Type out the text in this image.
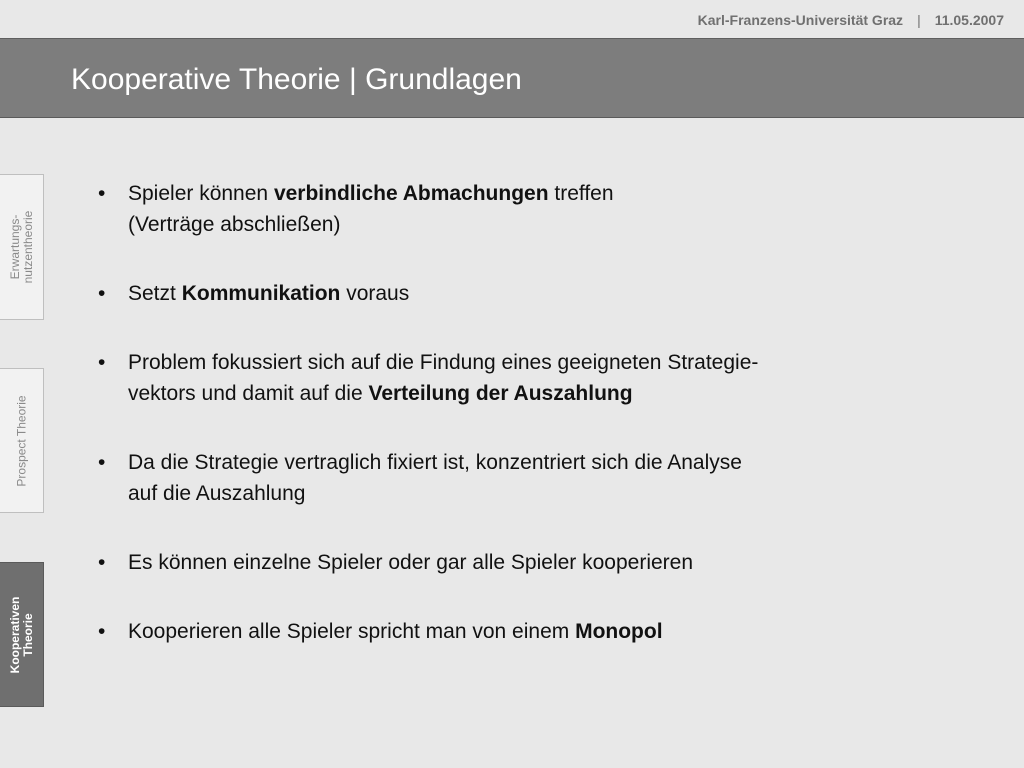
Karl-Franzens-Universität Graz | 11.05.2007
Kooperative Theorie | Grundlagen
Erwartungs-
nutzentheorie
Prospect Theorie
Kooperativen
Theorie
• Spieler können verbindliche Abmachungen treffen
(Verträge abschließen)
• Setzt Kommunikation voraus
• Problem fokussiert sich auf die Findung eines geeigneten Strategie-
vektors und damit auf die Verteilung der Auszahlung
• Da die Strategie vertraglich fixiert ist, konzentriert sich die Analyse
auf die Auszahlung
• Es können einzelne Spieler oder gar alle Spieler kooperieren
• Kooperieren alle Spieler spricht man von einem Monopol
